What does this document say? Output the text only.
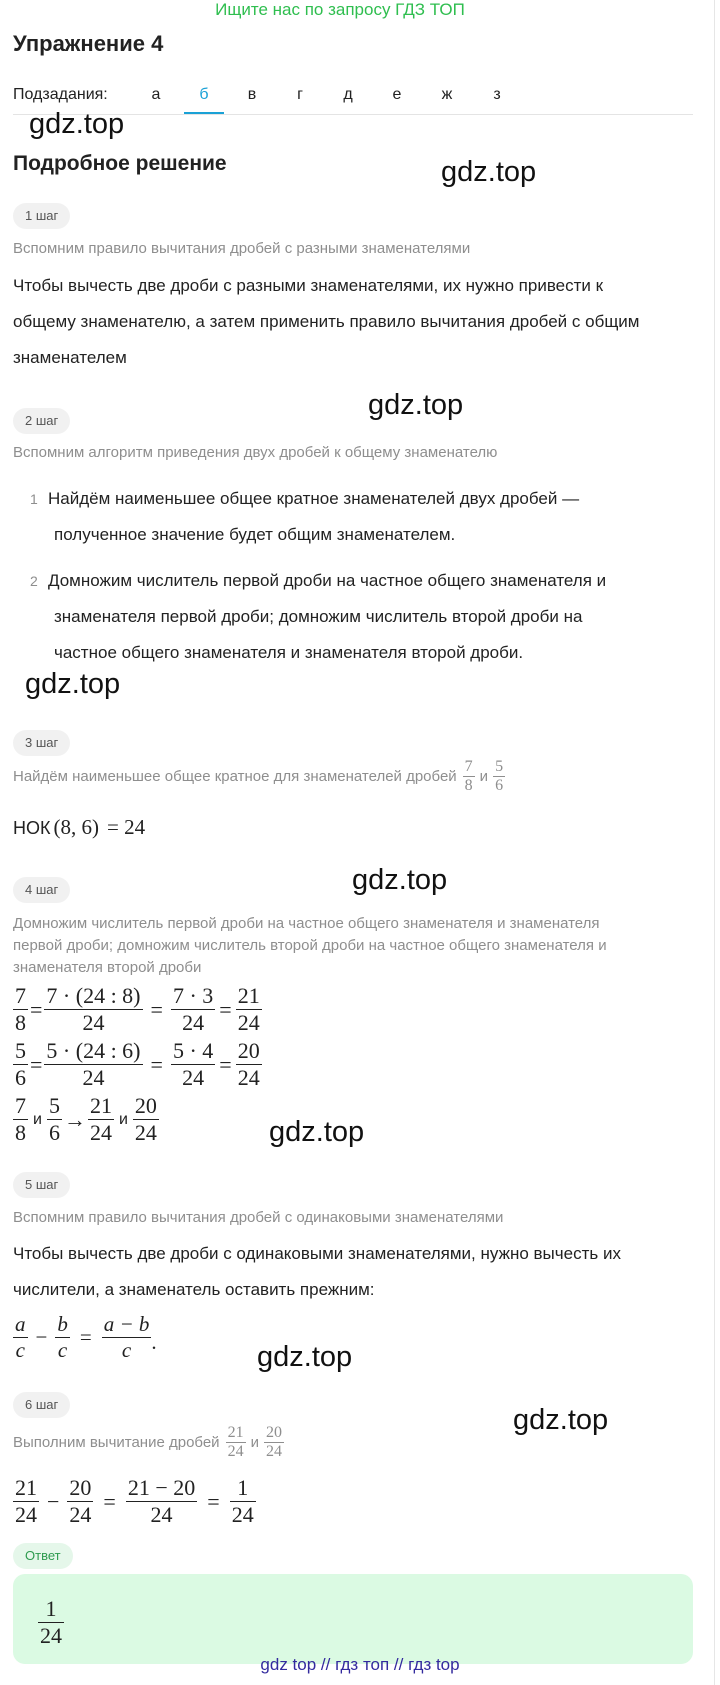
Ищите нас по запросу ГДЗ ТОП
Упражнение 4
Подзадания:	а	б	в	г	д	е	ж	з
gdz.top
gdz.top
gdz.top
gdz.top
gdz.top
gdz.top
gdz.top
gdz.top
Подробное решение
1 шаг
Вспомним правило вычитания дробей с разными знаменателями
Чтобы вычесть две дроби с разными знаменателями, их нужно привести к
общему знаменателю, а затем применить правило вычитания дробей с общим
знаменателем
2 шаг
Вспомним алгоритм приведения двух дробей к общему знаменателю
1 Найдём наименьшее общее кратное знаменателей двух дробей —
полученное значение будет общим знаменателем.
2 Домножим числитель первой дроби на частное общего знаменателя и
знаменателя первой дроби; домножим числитель второй дроби на
частное общего знаменателя и знаменателя второй дроби.
3 шаг
Найдём наименьшее общее кратное для знаменателей дробей $\frac{7}{8}$ и $\frac{5}{6}$
НОК (8, 6) = 24
4 шаг
Домножим числитель первой дроби на частное общего знаменателя и знаменателя
первой дроби; домножим числитель второй дроби на частное общего знаменателя и
знаменателя второй дроби
$\frac{7}{8} = \frac{7 \cdot (24 : 8)}{24} = \frac{7 \cdot 3}{24} = \frac{21}{24}$
$\frac{5}{6} = \frac{5 \cdot (24 : 6)}{24} = \frac{5 \cdot 4}{24} = \frac{20}{24}$
$\frac{7}{8}$ и $\frac{5}{6} \to \frac{21}{24}$ и $\frac{20}{24}$
5 шаг
Вспомним правило вычитания дробей с одинаковыми знаменателями
Чтобы вычесть две дроби с одинаковыми знаменателями, нужно вычесть их
числители, а знаменатель оставить прежним:
$\frac{a}{c} - \frac{b}{c} = \frac{a - b}{c}$ .
6 шаг
Выполним вычитание дробей $\frac{21}{24}$ и $\frac{20}{24}$
$\frac{21}{24} - \frac{20}{24} = \frac{21 - 20}{24} = \frac{1}{24}$
Ответ
$\frac{1}{24}$
gdz top // гдз топ // гдз top
